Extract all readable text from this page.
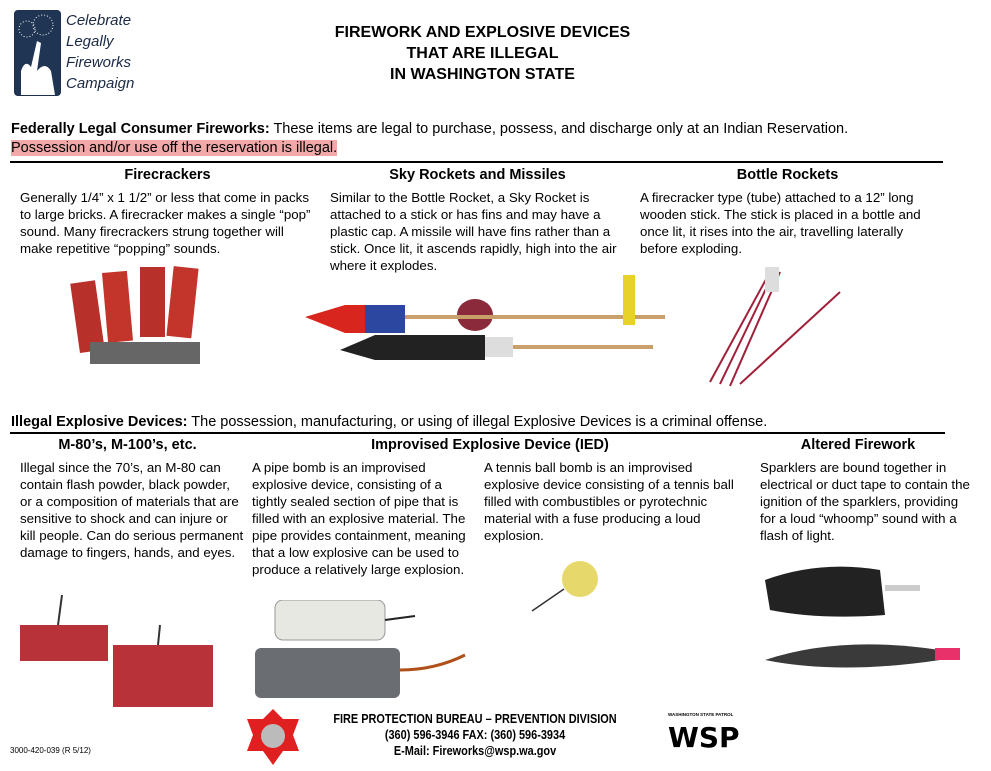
Celebrate
Legally
Fireworks
Campaign
FIREWORK AND EXPLOSIVE DEVICES
THAT ARE ILLEGAL
IN WASHINGTON STATE
Federally Legal Consumer Fireworks: These items are legal to purchase, possess, and discharge only at an Indian Reservation.
Possession and/or use off the reservation is illegal.
Firecrackers
Generally 1/4” x 1 1/2” or less that come in packs to large bricks. A firecracker makes a single “pop” sound. Many firecrackers strung together will make repetitive “popping” sounds.
Sky Rockets and Missiles
Similar to the Bottle Rocket, a Sky Rocket is attached to a stick or has fins and may have a plastic cap. A missile will have fins rather than a stick. Once lit, it ascends rapidly, high into the air where it explodes.
Bottle Rockets
A firecracker type (tube) attached to a 12” long wooden stick. The stick is placed in a bottle and once lit, it rises into the air, travelling laterally before exploding.
Illegal Explosive Devices: The possession, manufacturing, or using of illegal Explosive Devices is a criminal offense.
M-80’s, M-100’s, etc.
Illegal since the 70’s, an M-80 can contain flash powder, black powder, or a composition of materials that are sensitive to shock and can injure or kill people. Can do serious permanent damage to fingers, hands, and eyes.
Improvised Explosive Device (IED)
A pipe bomb is an improvised explosive device, consisting of a tightly sealed section of pipe that is filled with an explosive material. The pipe provides containment, meaning that a low explosive can be used to produce a relatively large explosion.
A tennis ball bomb is an improvised explosive device consisting of a tennis ball filled with combustibles or pyrotechnic material with a fuse producing a loud explosion.
Altered Firework
Sparklers are bound together in electrical or duct tape to contain the ignition of the sparklers, providing for a loud “whoomp” sound with a flash of light.
FIRE PROTECTION BUREAU – PREVENTION DIVISION
(360) 596-3946 FAX: (360) 596-3934
E-Mail: Fireworks@wsp.wa.gov
WASHINGTON STATE PATROL
WSP
3000-420-039 (R 5/12)
